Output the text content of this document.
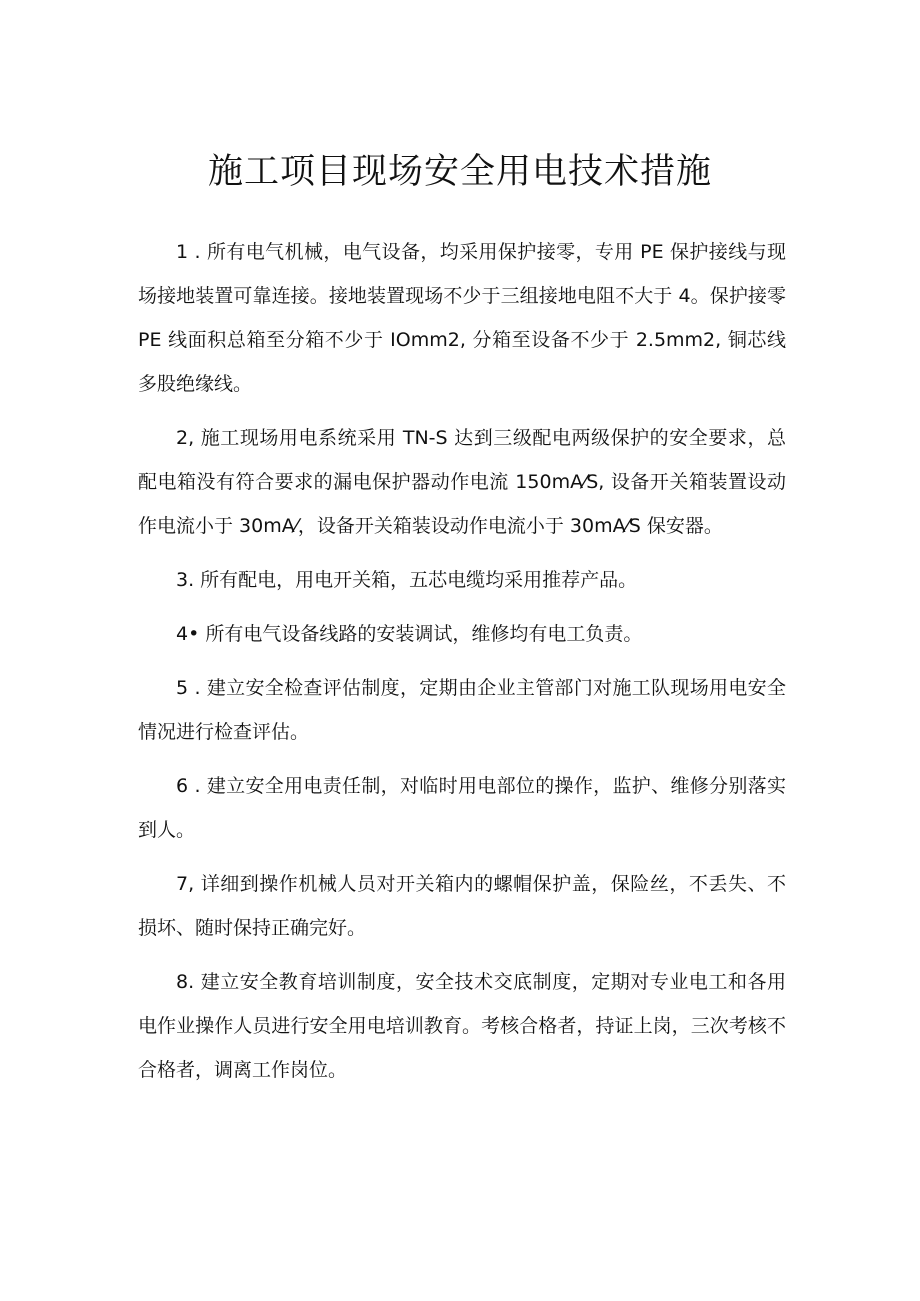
施工项目现场安全用电技术措施

1 . 所有电气机械，电气设备，均采用保护接零，专用 PE 保护接线与现场接地装置可靠连接。接地装置现场不少于三组接地电阻不大于 4。保护接零 PE 线面积总箱至分箱不少于 IOmm2, 分箱至设备不少于 2.5mm2, 铜芯线多股绝缘线。

2, 施工现场用电系统采用 TN-S 达到三级配电两级保护的安全要求，总配电箱没有符合要求的漏电保护器动作电流 150mA⁄S, 设备开关箱装置设动作电流小于 30mA⁄，设备开关箱装设动作电流小于 30mA⁄S 保安器。

3. 所有配电，用电开关箱，五芯电缆均采用推荐产品。

4• 所有电气设备线路的安装调试，维修均有电工负责。

5 . 建立安全检查评估制度，定期由企业主管部门对施工队现场用电安全情况进行检查评估。

6 . 建立安全用电责任制，对临时用电部位的操作，监护、维修分别落实到人。

7, 详细到操作机械人员对开关箱内的螺帽保护盖，保险丝，不丢失、不损坏、随时保持正确完好。

8. 建立安全教育培训制度，安全技术交底制度，定期对专业电工和各用电作业操作人员进行安全用电培训教育。考核合格者，持证上岗，三次考核不合格者，调离工作岗位。
